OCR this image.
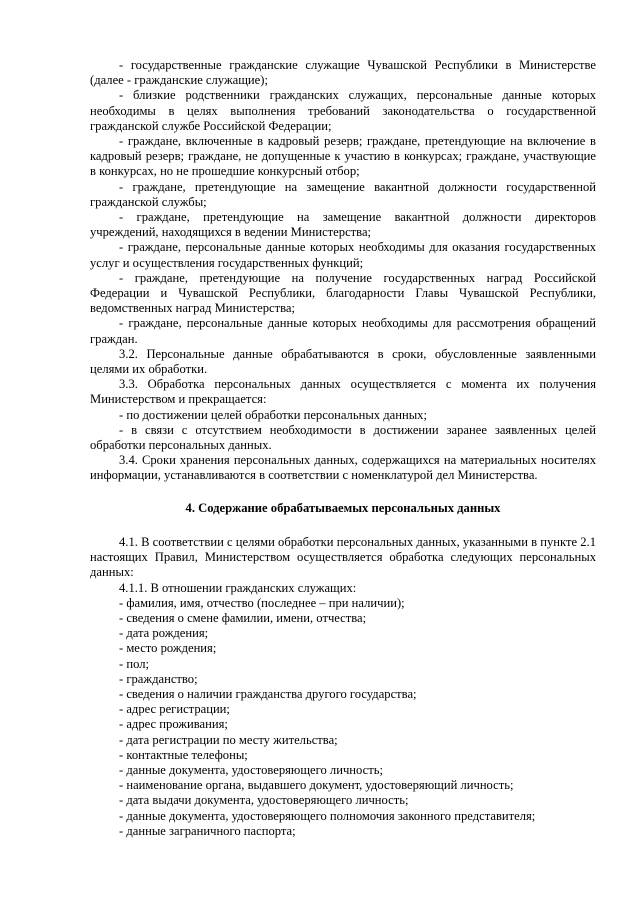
- государственные гражданские служащие Чувашской Республики в Министерстве (далее - гражданские служащие);

- близкие родственники гражданских служащих, персональные данные которых необходимы в целях выполнения требований законодательства о государственной гражданской службе Российской Федерации;

- граждане, включенные в кадровый резерв; граждане, претендующие на включение в кадровый резерв; граждане, не допущенные к участию в конкурсах; граждане, участвующие в конкурсах, но не прошедшие конкурсный отбор;

- граждане, претендующие на замещение вакантной должности государственной гражданской службы;

- граждане, претендующие на замещение вакантной должности директоров учреждений, находящихся в ведении Министерства;

- граждане, персональные данные которых необходимы для оказания государственных услуг и осуществления государственных функций;

- граждане, претендующие на получение государственных наград Российской Федерации и Чувашской Республики, благодарности Главы Чувашской Республики, ведомственных наград Министерства;

- граждане, персональные данные которых необходимы для рассмотрения обращений граждан.

3.2. Персональные данные обрабатываются в сроки, обусловленные заявленными целями их обработки.

3.3. Обработка персональных данных осуществляется с момента их получения Министерством и прекращается:

- по достижении целей обработки персональных данных;

- в связи с отсутствием необходимости в достижении заранее заявленных целей обработки персональных данных.

3.4. Сроки хранения персональных данных, содержащихся на материальных носителях информации, устанавливаются в соответствии с номенклатурой дел Министерства.

4. Содержание обрабатываемых персональных данных

4.1. В соответствии с целями обработки персональных данных, указанными в пункте 2.1 настоящих Правил, Министерством осуществляется обработка следующих персональных данных:

4.1.1. В отношении гражданских служащих:

- фамилия, имя, отчество (последнее – при наличии);

- сведения о смене фамилии, имени, отчества;

- дата рождения;

- место рождения;

- пол;

- гражданство;

- сведения о наличии гражданства другого государства;

- адрес регистрации;

- адрес проживания;

- дата регистрации по месту жительства;

- контактные телефоны;

- данные документа, удостоверяющего личность;

- наименование органа, выдавшего документ, удостоверяющий личность;

- дата выдачи документа, удостоверяющего личность;

- данные документа, удостоверяющего полномочия законного представителя;

- данные заграничного паспорта;
